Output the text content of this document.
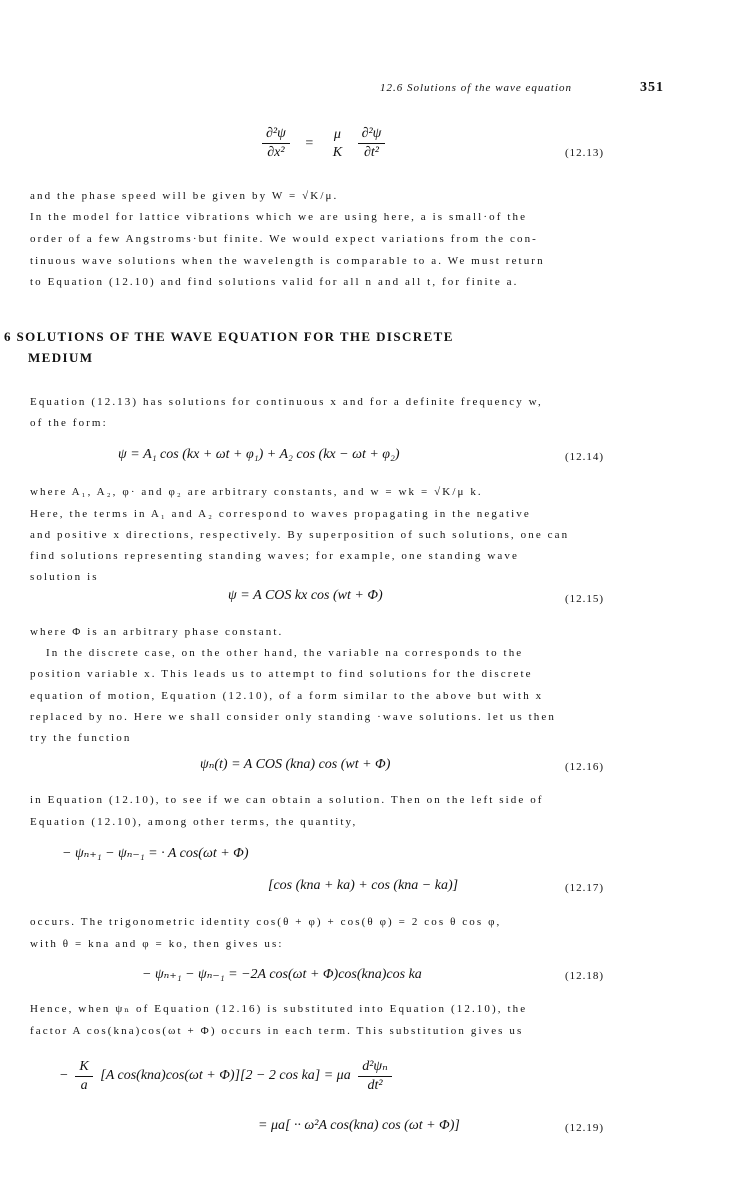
12.6 Solutions of the wave equation	351
$\frac{\text{∂²ψ}}{\text{∂x²}}$ =
μ
K
$\frac{\text{∂²ψ}}{\text{∂t²}}$	(12.13)
and the phase speed will be given by W = √K/μ.
In the model for lattice vibrations which we are using here, a is small·of the
order of a few Angstroms·but finite. We would expect variations from the con-
tinuous wave solutions when the wavelength is comparable to a. We must return
to Equation (12.10) and find solutions valid for all n and all t, for finite a.
6 SOLUTIONS OF THE WAVE EQUATION FOR THE DISCRETE
MEDIUM
Equation (12.13) has solutions for continuous x and for a definite frequency w,
of the form:
ψ = A₁ cos (kx + ωt + φ₁) + A₂ cos (kx − ωt + φ₂)	(12.14)
where A₁, A₂, φ· and φ₂ are arbitrary constants, and w = wk = √K/μ k.
Here, the terms in A₁ and A₂ correspond to waves propagating in the negative
and positive x directions, respectively. By superposition of such solutions, one can
find solutions representing standing waves; for example, one standing wave
solution is
ψ = A COS kx cos (wt + Φ)	(12.15)
where Φ is an arbitrary phase constant.
In the discrete case, on the other hand, the variable na corresponds to the
position variable x. This leads us to attempt to find solutions for the discrete
equation of motion, Equation (12.10), of a form similar to the above but with x
replaced by no. Here we shall consider only standing ·wave solutions. let us then
try the function
ψₙ(t) = A COS (kna) cos (wt + Φ)	(12.16)
in Equation (12.10), to see if we can obtain a solution. Then on the left side of
Equation (12.10), among other terms, the quantity,
− ψₙ₊₁ − ψₙ₋₁ = · A cos(ωt + Φ)
[cos (kna + ka) + cos (kna − ka)]	(12.17)
occurs. The trigonometric identity cos(θ + φ) + cos(θ φ) = 2 cos θ cos φ,
with θ = kna and φ = ko, then gives us:
− ψₙ₊₁ − ψₙ₋₁ = −2A cos(ωt + Φ)cos(kna)cos ka	(12.18)
Hence, when ψₙ of Equation (12.16) is substituted into Equation (12.10), the
factor A cos(kna)cos(ωt + Φ) occurs in each term. This substitution gives us
− $\frac{K}{a} [A$ cos(kna)cos(ωt + Φ)][2 − 2 cos ka] = μa $\frac{\text{d²ψₙ}}{\text{dt²}}$
= μa[ ·· ω²A cos(kna) cos (ωt + Φ)]	(12.19)
